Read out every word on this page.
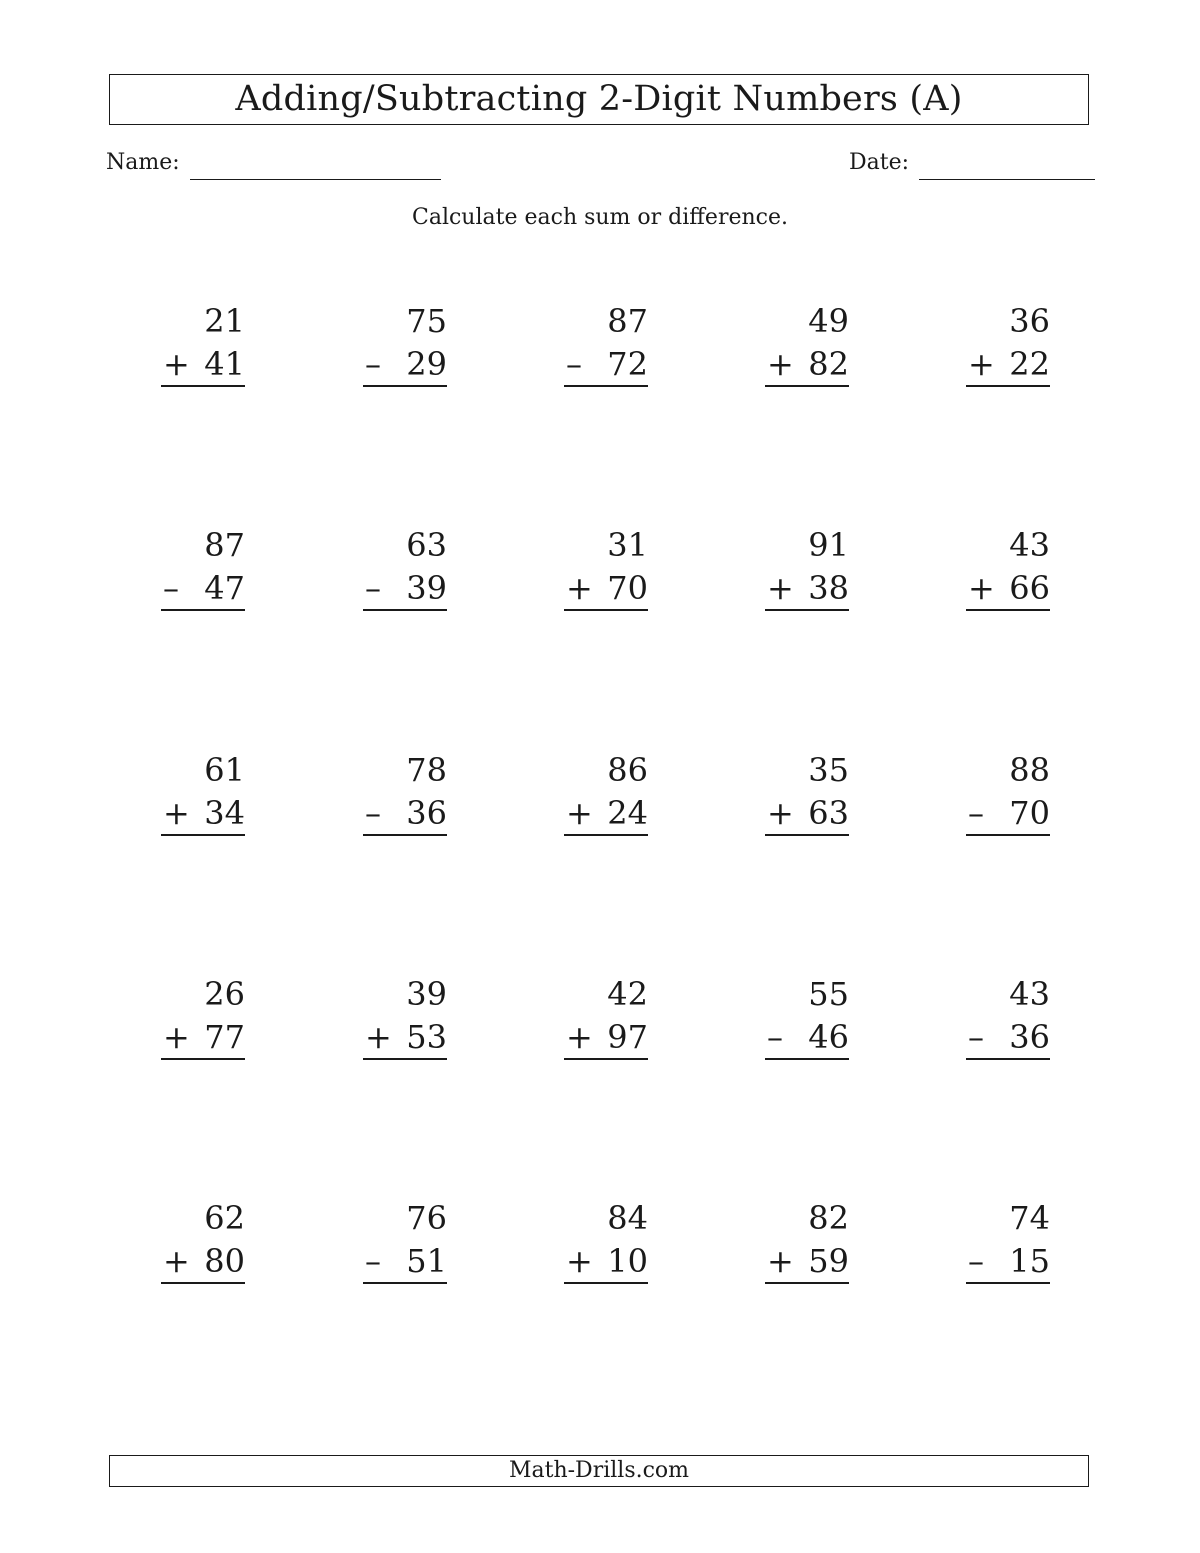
Adding/Subtracting 2-Digit Numbers (A)
Name:	Date:
Calculate each sum or difference.
21
+ 41
75
– 29
87
– 72
49
+ 82
36
+ 22
87
– 47
63
– 39
31
+ 70
91
+ 38
43
+ 66
61
+ 34
78
– 36
86
+ 24
35
+ 63
88
– 70
26
+ 77
39
+ 53
42
+ 97
55
– 46
43
– 36
62
+ 80
76
– 51
84
+ 10
82
+ 59
74
– 15
Math-Drills.com
